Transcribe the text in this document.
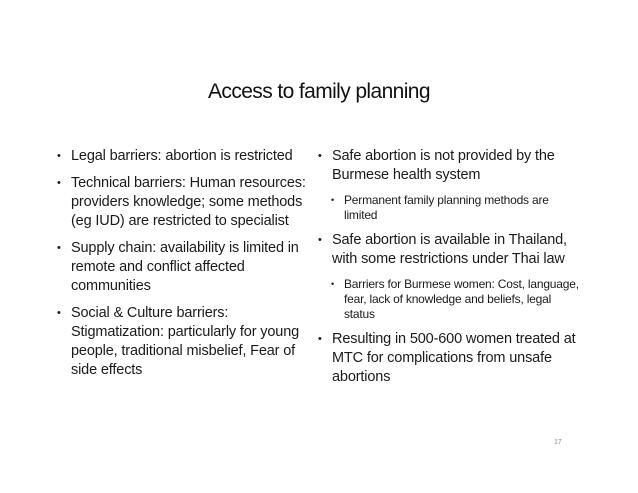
Access to family planning
• Legal barriers: abortion is restricted
• Technical barriers: Human resources: providers knowledge; some methods (eg IUD) are restricted to specialist
• Supply chain: availability is limited in remote and conflict affected communities
• Social & Culture barriers: Stigmatization: particularly for young people, traditional misbelief, Fear of side effects
• Safe abortion is not provided by the Burmese health system
• Permanent family planning methods are limited
• Safe abortion is available in Thailand, with some restrictions under Thai law
• Barriers for Burmese women: Cost, language, fear, lack of knowledge and beliefs, legal status
• Resulting in 500-600 women treated at MTC for complications from unsafe abortions
17
